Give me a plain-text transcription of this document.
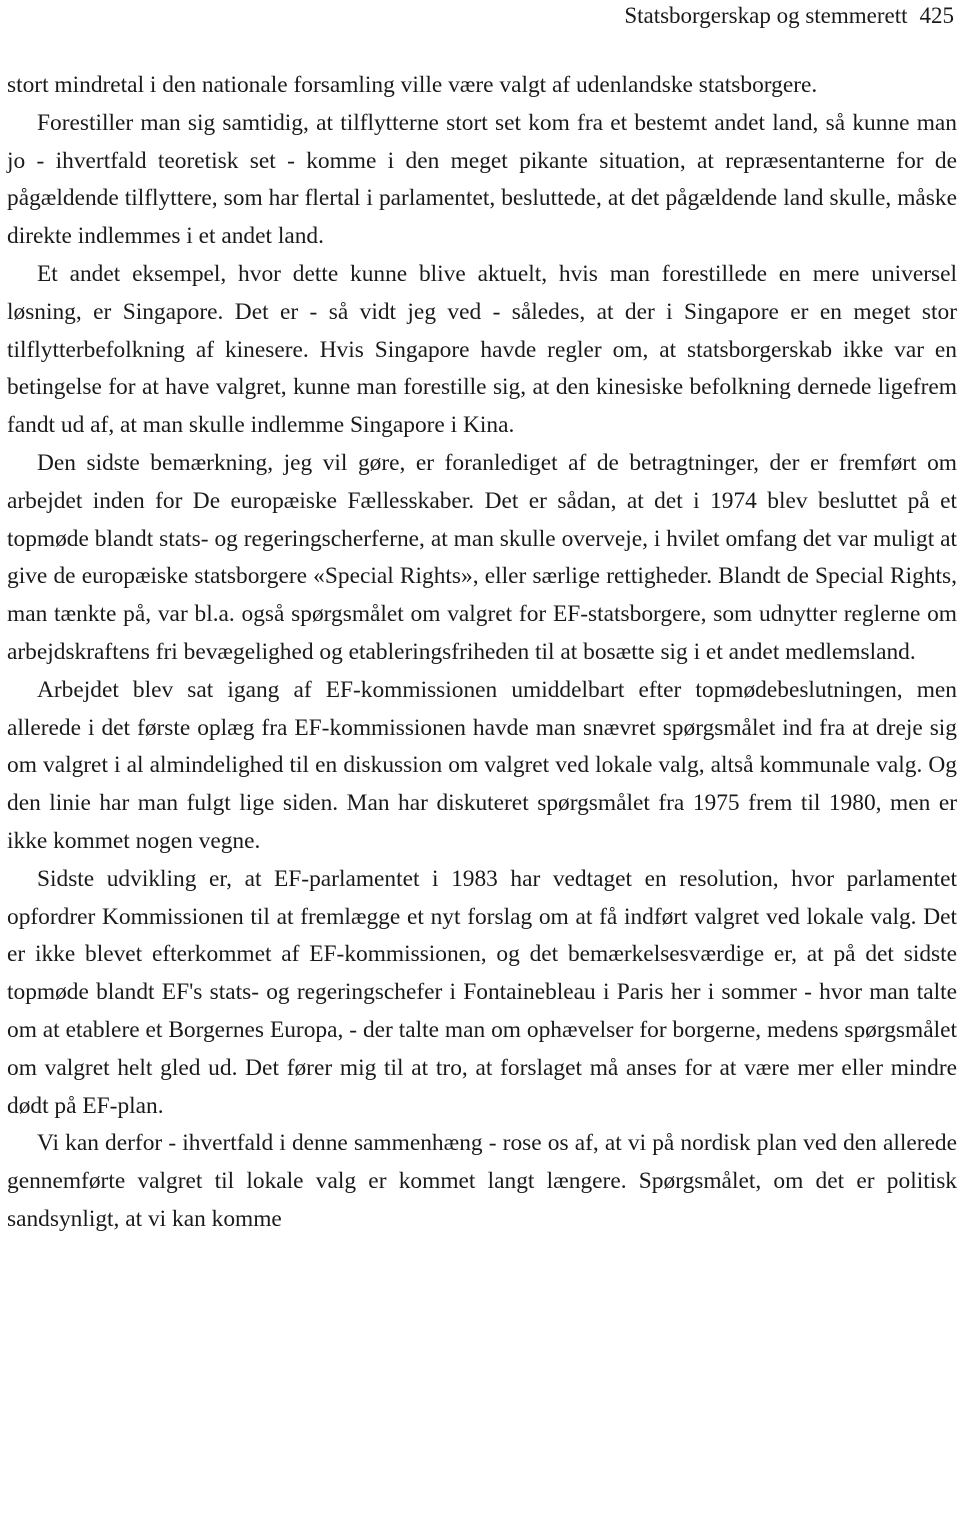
Statsborgerskap og stemmerett 425

stort mindretal i den nationale forsamling ville være valgt af udenlandske statsborgere.

Forestiller man sig samtidig, at tilflytterne stort set kom fra et bestemt andet land, så kunne man jo - ihvertfald teoretisk set - komme i den meget pikante situation, at repræsentanterne for de pågældende tilflyttere, som har flertal i parlamentet, besluttede, at det pågældende land skulle, måske direkte indlemmes i et andet land.

Et andet eksempel, hvor dette kunne blive aktuelt, hvis man forestillede en mere universel løsning, er Singapore. Det er - så vidt jeg ved - således, at der i Singapore er en meget stor tilflytterbefolkning af kinesere. Hvis Singapore havde regler om, at statsborgerskab ikke var en betingelse for at have valgret, kunne man forestille sig, at den kinesiske befolkning dernede ligefrem fandt ud af, at man skulle indlemme Singapore i Kina.

Den sidste bemærkning, jeg vil gøre, er foranlediget af de betragtninger, der er fremført om arbejdet inden for De europæiske Fællesskaber. Det er sådan, at det i 1974 blev besluttet på et topmøde blandt stats- og regeringscherferne, at man skulle overveje, i hvilet omfang det var muligt at give de europæiske statsborgere «Special Rights», eller særlige rettigheder. Blandt de Special Rights, man tænkte på, var bl.a. også spørgsmålet om valgret for EF-statsborgere, som udnytter reglerne om arbejdskraftens fri bevægelighed og etableringsfriheden til at bosætte sig i et andet medlemsland.

Arbejdet blev sat igang af EF-kommissionen umiddelbart efter topmødebeslutningen, men allerede i det første oplæg fra EF-kommissionen havde man snævret spørgsmålet ind fra at dreje sig om valgret i al almindelighed til en diskussion om valgret ved lokale valg, altså kommunale valg. Og den linie har man fulgt lige siden. Man har diskuteret spørgsmålet fra 1975 frem til 1980, men er ikke kommet nogen vegne.

Sidste udvikling er, at EF-parlamentet i 1983 har vedtaget en resolution, hvor parlamentet opfordrer Kommissionen til at fremlægge et nyt forslag om at få indført valgret ved lokale valg. Det er ikke blevet efterkommet af EF-kommissionen, og det bemærkelsesværdige er, at på det sidste topmøde blandt EF's stats- og regeringschefer i Fontainebleau i Paris her i sommer - hvor man talte om at etablere et Borgernes Europa, - der talte man om ophævelser for borgerne, medens spørgsmålet om valgret helt gled ud. Det fører mig til at tro, at forslaget må anses for at være mer eller mindre dødt på EF-plan.

Vi kan derfor - ihvertfald i denne sammenhæng - rose os af, at vi på nordisk plan ved den allerede gennemførte valgret til lokale valg er kommet langt længere. Spørgsmålet, om det er politisk sandsynligt, at vi kan komme
